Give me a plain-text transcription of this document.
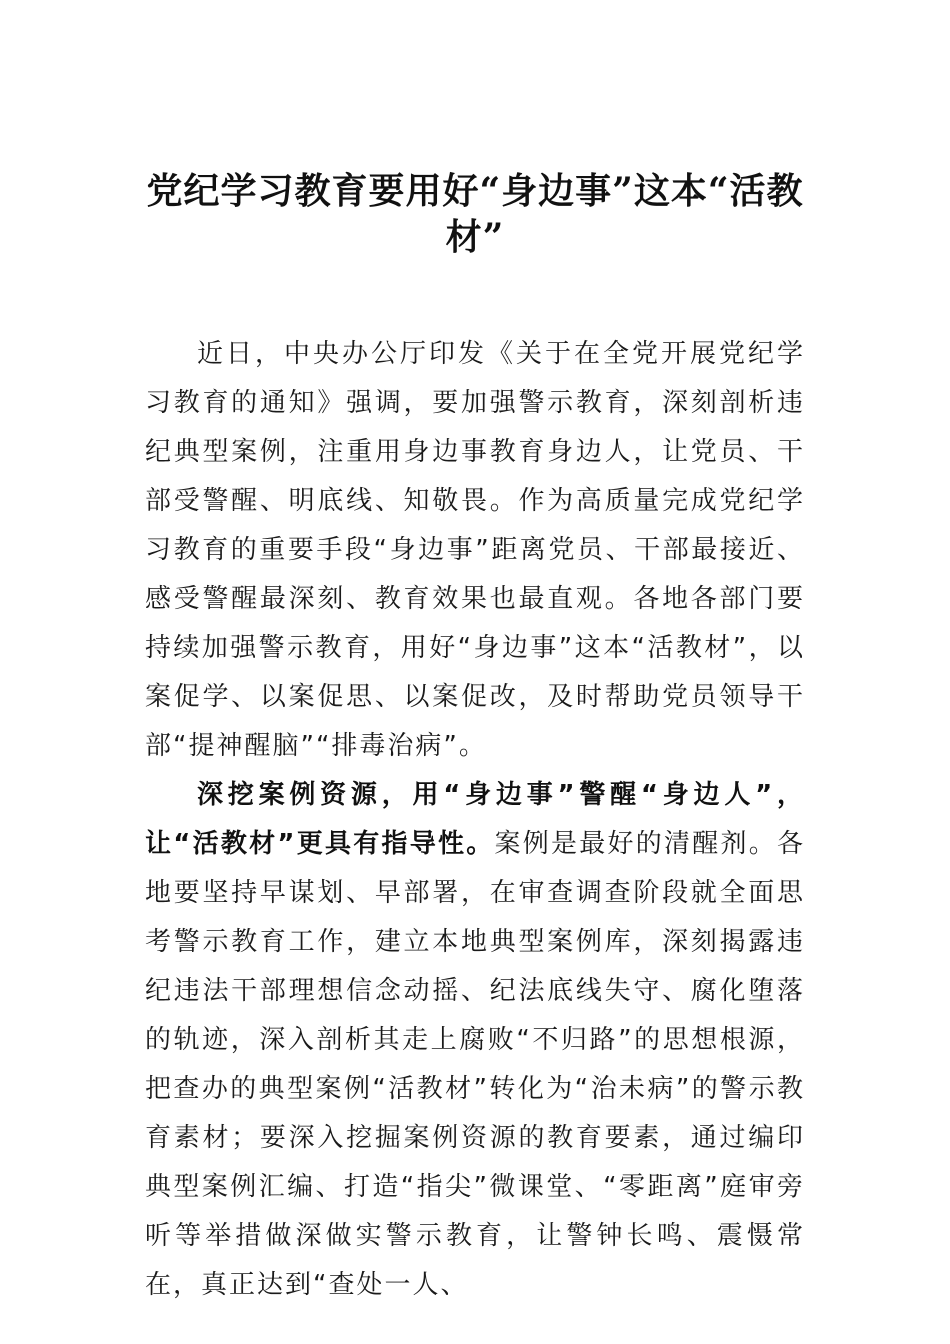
党纪学习教育要用好“身边事”这本“活教材”

近日，中央办公厅印发《关于在全党开展党纪学习教育的通知》强调，要加强警示教育，深刻剖析违纪典型案例，注重用身边事教育身边人，让党员、干部受警醒、明底线、知敬畏。作为高质量完成党纪学习教育的重要手段“身边事”距离党员、干部最接近、感受警醒最深刻、教育效果也最直观。各地各部门要持续加强警示教育，用好“身边事”这本“活教材”，以案促学、以案促思、以案促改，及时帮助党员领导干部“提神醒脑”“排毒治病”。

深挖案例资源，用“身边事”警醒“身边人”，让“活教材”更具有指导性。案例是最好的清醒剂。各地要坚持早谋划、早部署，在审查调查阶段就全面思考警示教育工作，建立本地典型案例库，深刻揭露违纪违法干部理想信念动摇、纪法底线失守、腐化堕落的轨迹，深入剖析其走上腐败“不归路”的思想根源，把查办的典型案例“活教材”转化为“治未病”的警示教育素材；要深入挖掘案例资源的教育要素，通过编印典型案例汇编、打造“指尖”微课堂、“零距离”庭审旁听等举措做深做实警示教育，让警钟长鸣、震慑常在，真正达到“查处一人、
